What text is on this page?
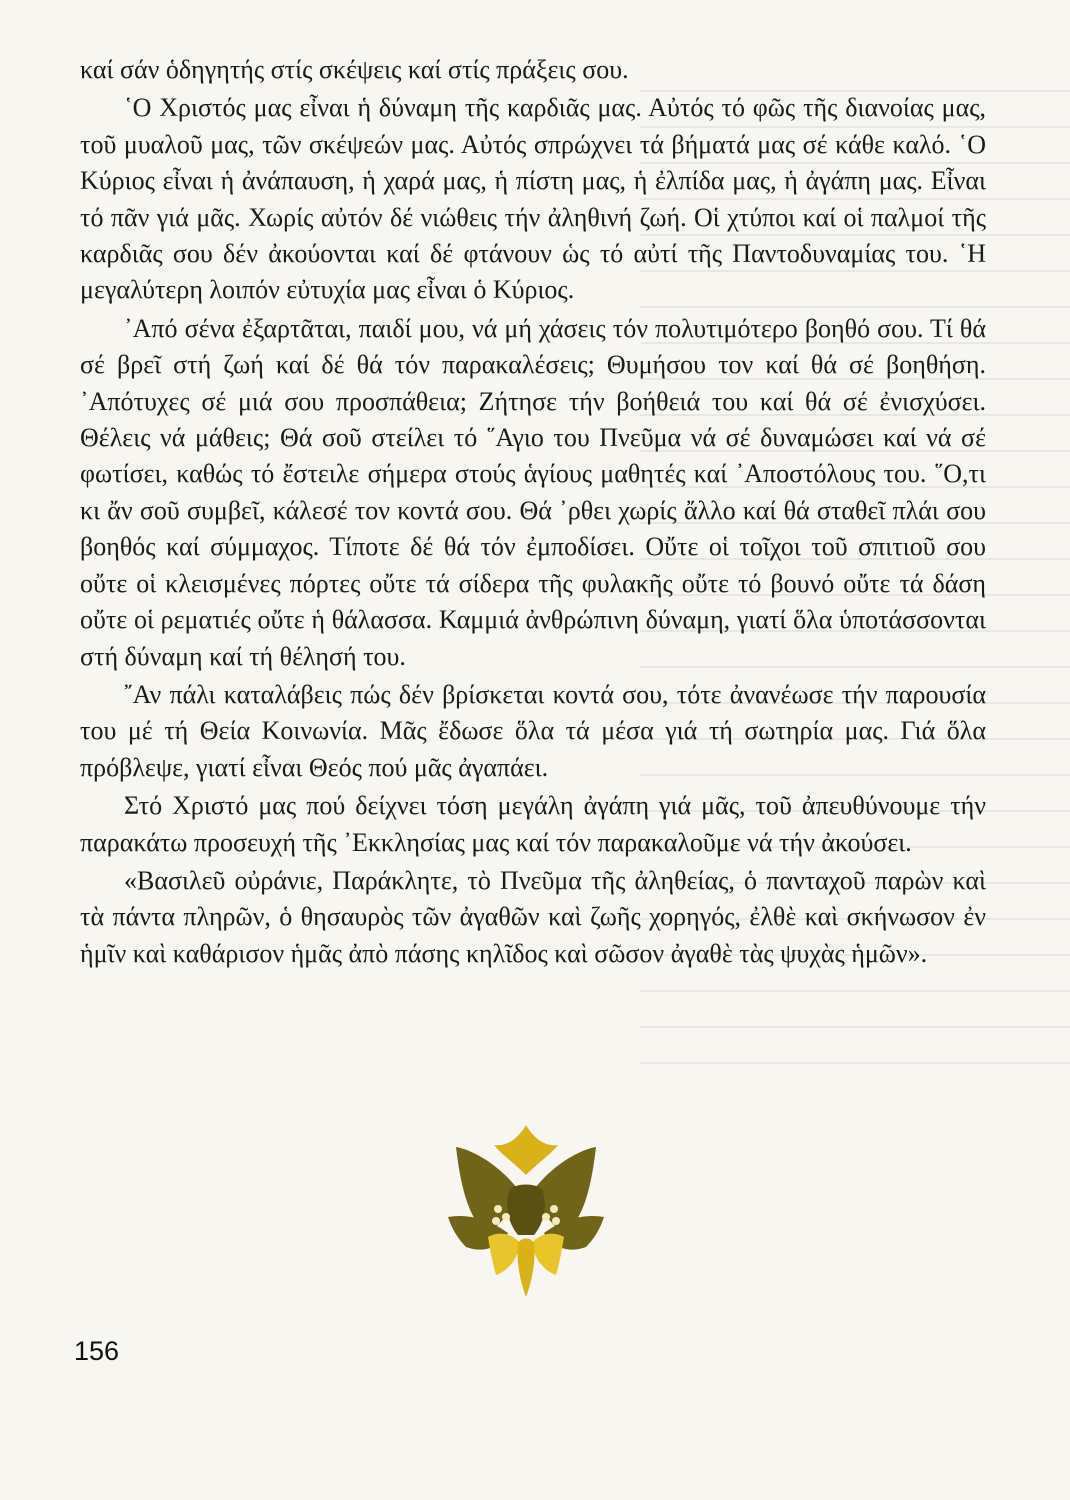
καί σάν ὁδηγητής στίς σκέψεις καί στίς πράξεις σου.

῾Ο Χριστός μας εἶναι ἡ δύναμη τῆς καρδιᾶς μας. Αὐτός τό φῶς τῆς διανοίας μας, τοῦ μυαλοῦ μας, τῶν σκέψεών μας. Αὐτός σπρώχνει τά βήματά μας σέ κάθε καλό. ῾Ο Κύριος εἶναι ἡ ἀνάπαυση, ἡ χαρά μας, ἡ πίστη μας, ἡ ἐλπίδα μας, ἡ ἀγάπη μας. Εἶναι τό πᾶν γιά μᾶς. Χωρίς αὐτόν δέ νιώθεις τήν ἀληθινή ζωή. Οἱ χτύποι καί οἱ παλμοί τῆς καρδιᾶς σου δέν ἀκούονται καί δέ φτάνουν ὡς τό αὐτί τῆς Παντοδυναμίας του. ῾Η μεγαλύτερη λοιπόν εὐτυχία μας εἶναι ὁ Κύριος.

᾿Από σένα ἐξαρτᾶται, παιδί μου, νά μή χάσεις τόν πολυτιμότερο βοηθό σου. Τί θά σέ βρεῖ στή ζωή καί δέ θά τόν παρακαλέσεις; Θυμήσου τον καί θά σέ βοηθήση. ᾿Απότυχες σέ μιά σου προσπάθεια; Ζήτησε τήν βοήθειά του καί θά σέ ἐνισχύσει. Θέλεις νά μάθεις; Θά σοῦ στείλει τό ῞Αγιο του Πνεῦμα νά σέ δυναμώσει καί νά σέ φωτίσει, καθώς τό ἔστειλε σήμερα στούς ἁγίους μαθητές καί ᾿Αποστόλους του. ῞Ο,τι κι ἄν σοῦ συμβεῖ, κάλεσέ τον κοντά σου. Θά ᾿ρθει χωρίς ἄλλο καί θά σταθεῖ πλάι σου βοηθός καί σύμμαχος. Τίποτε δέ θά τόν ἐμποδίσει. Οὔτε οἱ τοῖχοι τοῦ σπιτιοῦ σου οὔτε οἱ κλεισμένες πόρτες οὔτε τά σίδερα τῆς φυλακῆς οὔτε τό βουνό οὔτε τά δάση οὔτε οἱ ρεματιές οὔτε ἡ θάλασσα. Καμμιά ἀνθρώπινη δύναμη, γιατί ὅλα ὑποτάσσονται στή δύναμη καί τή θέλησή του.

῎Αν πάλι καταλάβεις πώς δέν βρίσκεται κοντά σου, τότε ἀνανέωσε τήν παρουσία του μέ τή Θεία Κοινωνία. Μᾶς ἔδωσε ὅλα τά μέσα γιά τή σωτηρία μας. Γιά ὅλα πρόβλεψε, γιατί εἶναι Θεός πού μᾶς ἀγαπάει.

Στό Χριστό μας πού δείχνει τόση μεγάλη ἀγάπη γιά μᾶς, τοῦ ἀπευθύνουμε τήν παρακάτω προσευχή τῆς ᾿Εκκλησίας μας καί τόν παρακαλοῦμε νά τήν ἀκούσει.

«Βασιλεῦ οὐράνιε, Παράκλητε, τὸ Πνεῦμα τῆς ἀληθείας, ὁ πανταχοῦ παρὼν καὶ τὰ πάντα πληρῶν, ὁ θησαυρὸς τῶν ἀγαθῶν καὶ ζωῆς χορηγός, ἐλθὲ καὶ σκήνωσον ἐν ἡμῖν καὶ καθάρισον ἡμᾶς ἀπὸ πάσης κηλῖδος καὶ σῶσον ἀγαθὲ τὰς ψυχὰς ἡμῶν».

156
